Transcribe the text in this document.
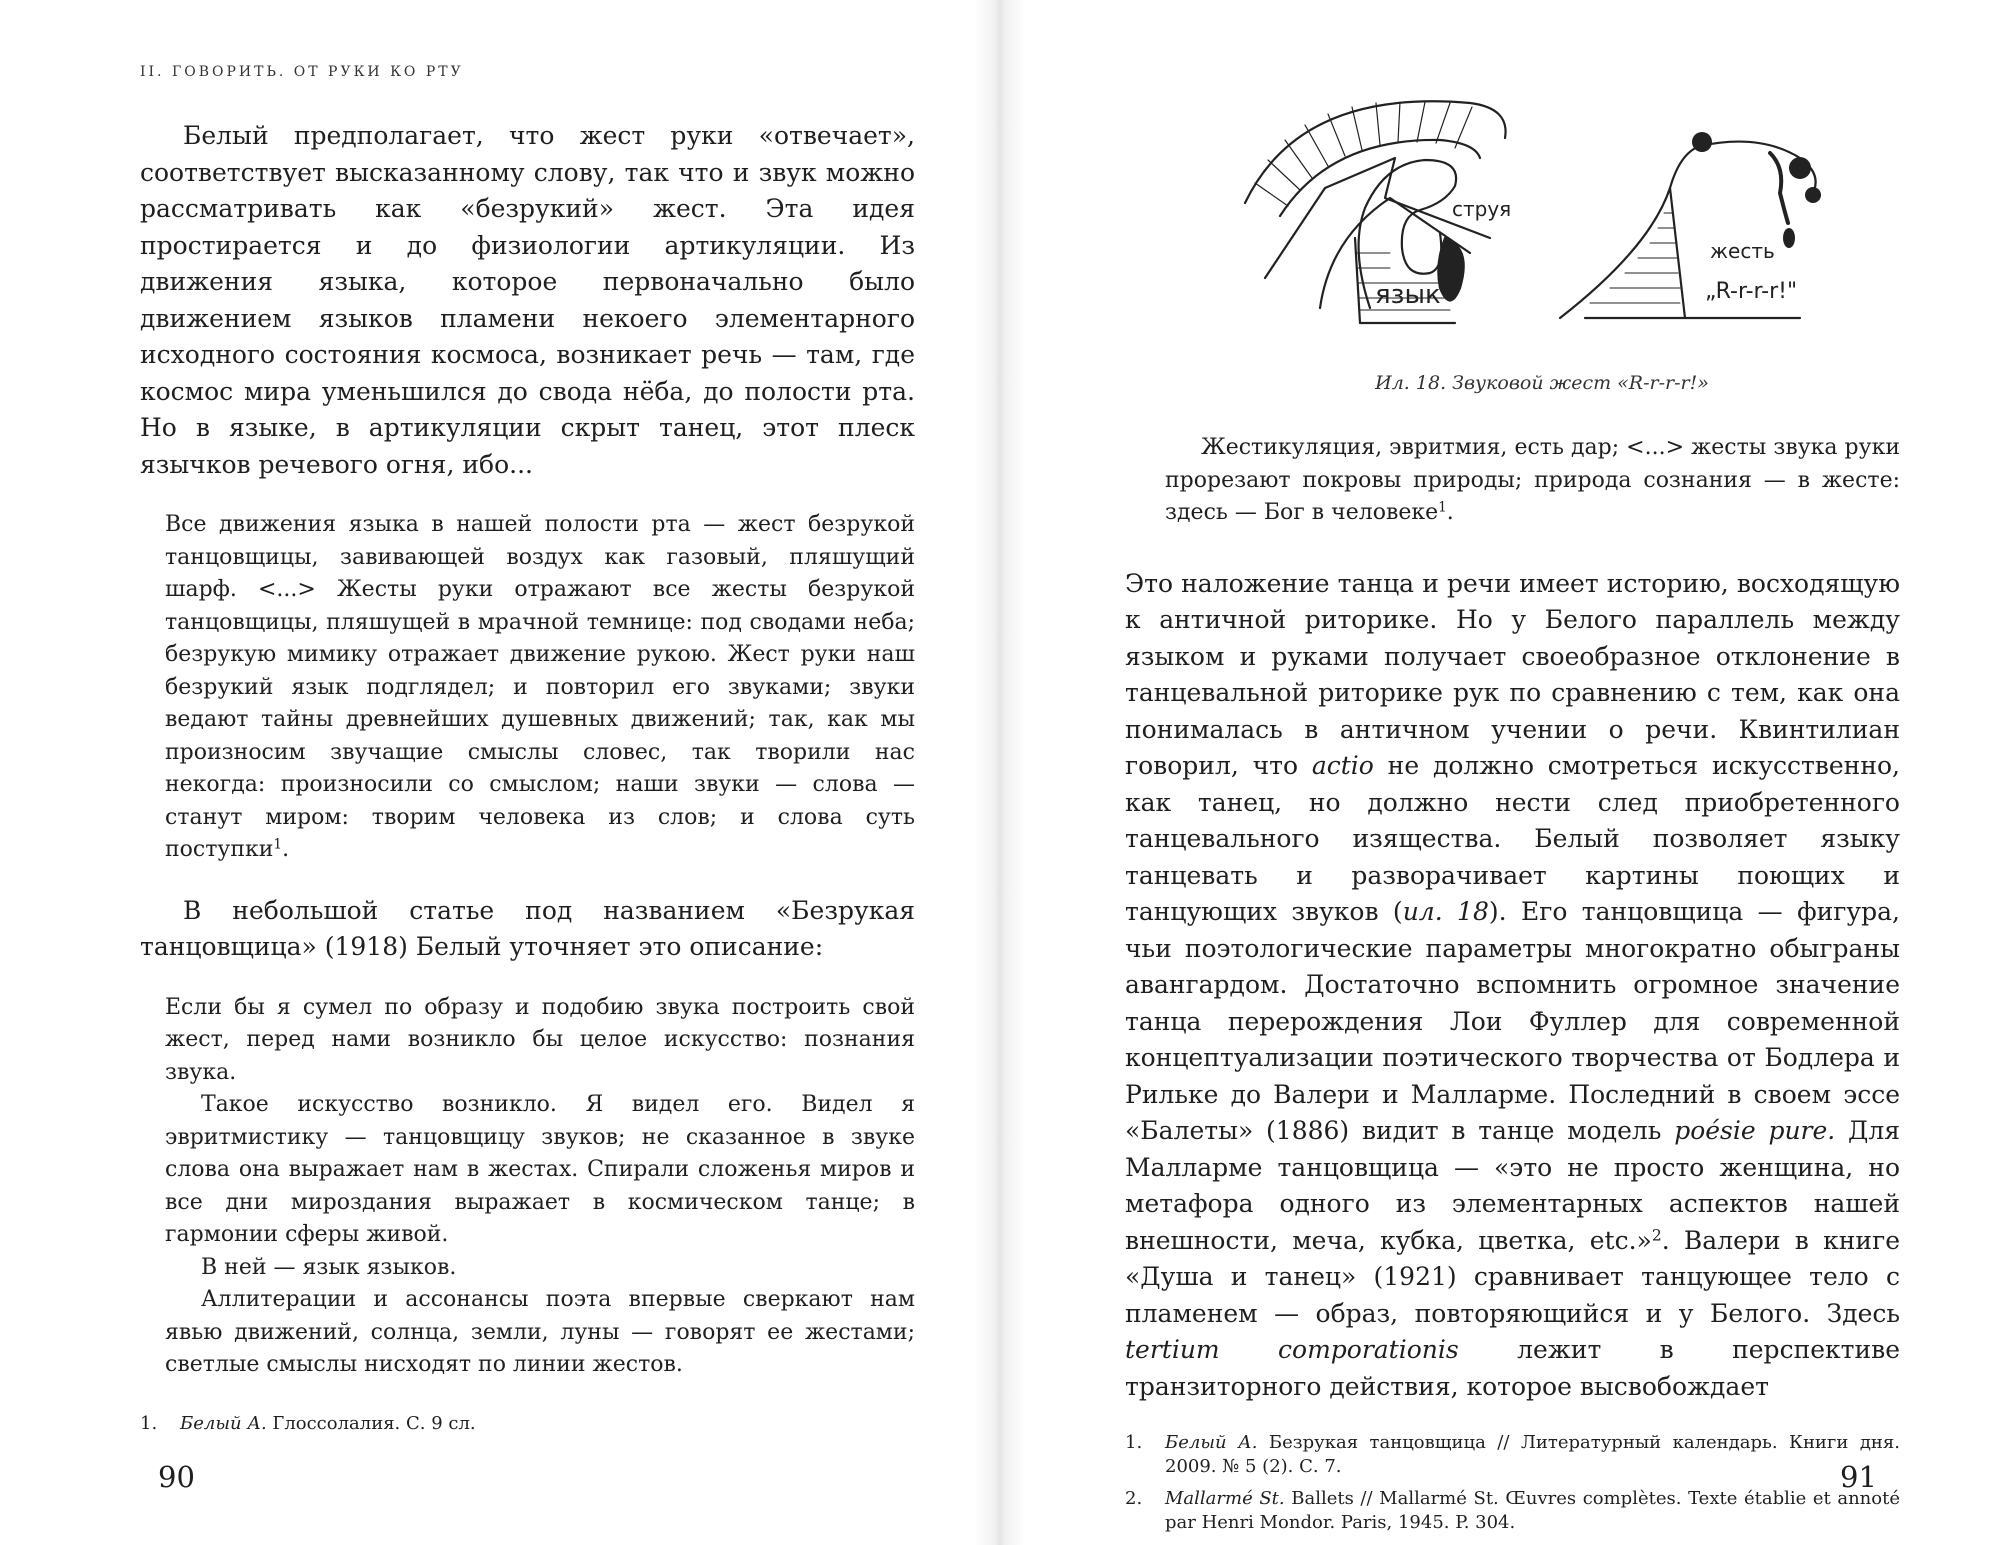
II. ГОВОРИТЬ. ОТ РУКИ КО РТУ

Белый предполагает, что жест руки «отвечает», соответствует высказанному слову, так что и звук можно рассматривать как «безрукий» жест. Эта идея простирается и до физиологии артикуляции. Из движения языка, которое первоначально было движением языков пламени некоего элементарного исходного состояния космоса, возникает речь — там, где космос мира уменьшился до свода нёба, до полости рта. Но в языке, в артикуляции скрыт танец, этот плеск язычков речевого огня, ибо...

Все движения языка в нашей полости рта — жест безрукой танцовщицы, завивающей воздух как газовый, пляшущий шарф. <...> Жесты руки отражают все жесты безрукой танцовщицы, пляшущей в мрачной темнице: под сводами неба; безрукую мимику отражает движение рукою. Жест руки наш безрукий язык подглядел; и повторил его звуками; звуки ведают тайны древнейших душевных движений; так, как мы произносим звучащие смыслы словес, так творили нас некогда: произносили со смыслом; наши звуки — слова — станут миром: творим человека из слов; и слова суть поступки$^1$.

В небольшой статье под названием «Безрукая танцовщица» (1918) Белый уточняет это описание:

Если бы я сумел по образу и подобию звука построить свой жест, перед нами возникло бы целое искусство: познания звука.

Такое искусство возникло. Я видел его. Видел я эвритмистику — танцовщицу звуков; не сказанное в звуке слова она выражает нам в жестах. Спирали сложенья миров и все дни мироздания выражает в космическом танце; в гармонии сферы живой.

В ней — язык языков.

Аллитерации и ассонансы поэта впервые сверкают нам явью движений, солнца, земли, луны — говорят ее жестами; светлые смыслы нисходят по линии жестов.

1.	Белый А. Глоссолалия. С. 9 сл.
90
струя
язык
жесть
„R-r-r-r!"
Ил. 18. Звуковой жест «R-r-r-r!»

Жестикуляция, эвритмия, есть дар; <...> жесты звука руки прорезают покровы природы; природа сознания — в жесте: здесь — Бог в человеке$^1$.

Это наложение танца и речи имеет историю, восходящую к античной риторике. Но у Белого параллель между языком и руками получает своеобразное отклонение в танцевальной риторике рук по сравнению с тем, как она понималась в античном учении о речи. Квинтилиан говорил, что actio не должно смотреться искусственно, как танец, но должно нести след приобретенного танцевального изящества. Белый позволяет языку танцевать и разворачивает картины поющих и танцующих звуков (ил. 18). Его танцовщица — фигура, чьи поэтологические параметры многократно обыграны авангардом. Достаточно вспомнить огромное значение танца перерождения Лои Фуллер для современной концептуализации поэтического творчества от Бодлера и Рильке до Валери и Малларме. Последний в своем эссе «Балеты» (1886) видит в танце модель poésie pure. Для Малларме танцовщица — «это не просто женщина, но метафора одного из элементарных аспектов нашей внешности, меча, кубка, цветка, etc.»$^2$. Валери в книге «Душа и танец» (1921) сравнивает танцующее тело с пламенем — образ, повторяющийся и у Белого. Здесь tertium comporationis лежит в перспективе транзиторного действия, которое высвобождает

1.	Белый А. Безрукая танцовщица // Литературный календарь. Книги дня. 2009. № 5 (2). С. 7.
2.	Mallarmé St. Ballets // Mallarmé St. Œuvres complètes. Texte établie et annoté par Henri Mondor. Paris, 1945. P. 304.
91
